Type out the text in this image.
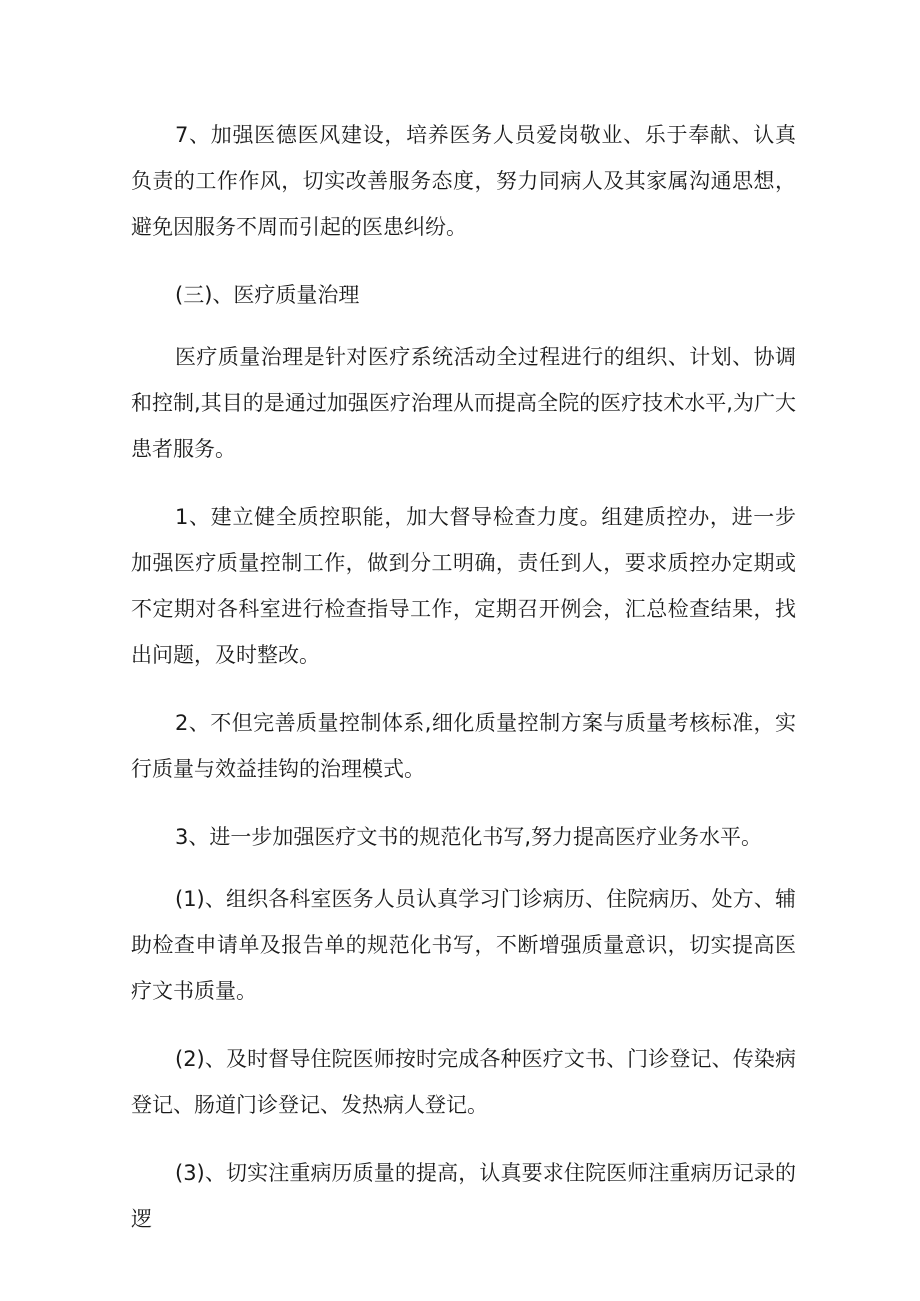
7、加强医德医风建设，培养医务人员爱岗敬业、乐于奉献、认真负责的工作作风，切实改善服务态度，努力同病人及其家属沟通思想，避免因服务不周而引起的医患纠纷。

(三)、医疗质量治理

医疗质量治理是针对医疗系统活动全过程进行的组织、计划、协调和控制,其目的是通过加强医疗治理从而提高全院的医疗技术水平,为广大患者服务。

1、建立健全质控职能，加大督导检查力度。组建质控办，进一步加强医疗质量控制工作，做到分工明确，责任到人，要求质控办定期或不定期对各科室进行检查指导工作，定期召开例会，汇总检查结果，找出问题，及时整改。

2、不但完善质量控制体系,细化质量控制方案与质量考核标准，实行质量与效益挂钩的治理模式。

3、进一步加强医疗文书的规范化书写,努力提高医疗业务水平。

(1)、组织各科室医务人员认真学习门诊病历、住院病历、处方、辅助检查申请单及报告单的规范化书写，不断增强质量意识，切实提高医疗文书质量。

(2)、及时督导住院医师按时完成各种医疗文书、门诊登记、传染病登记、肠道门诊登记、发热病人登记。

(3)、切实注重病历质量的提高，认真要求住院医师注重病历记录的逻
